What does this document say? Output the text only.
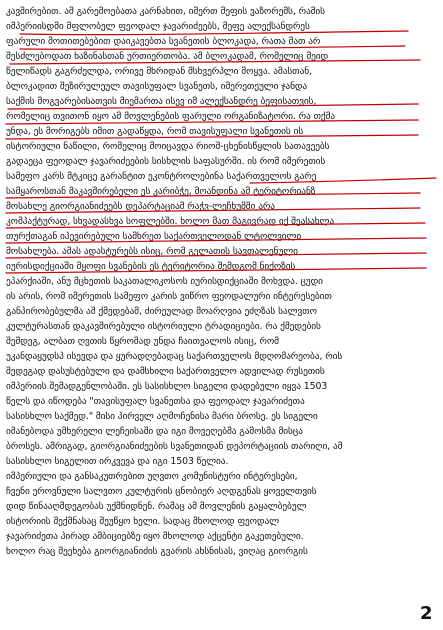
კავშირებით. ამ გარემოებათა კარნახით, იმერთ მეფის ვაზორემს, რამის
იმპერიისდმი მფლობელ ფეოდალ ჯავარიძეებს, მეფე ალექსანდრეს
ფარული მოთითებებით დაიკავებთა სვანეთის ბლოკადა, რათა მათ არ
შესძლებოდათ ხაზინასთან ურთიერთობა. ამ ბლოკადამ, რომელიც მეიდ
წელიწადს გაგრძელდა, ორივე მხრიდან მსხვერპლი მოყვა. ამასთან,
ბლოკადით შეზირულეულ თავისუფალ სვანეთს, იმერეთეული ჯანდა
საქმის მოგვარებისათვის მიემართა ისევ იმ ალექსანდრე ბეფისათვის,
რომელიც თვითონ იყო ამ მოვლენების ფარული ორგანიზატორი. რა თქმა
უნდა, ეს მორიგებს იმით გადაწყდა, რომ თავისუფალი სვანეთის ის
ისტორიული ნაწილი, რომელიც მოიცავდა რიოშ-ცხენისწყლის სათავეებს
გადაეცა ფეოდალ ჯავარიძეების სისხლის საფასურში. ის რომ იმერეთის
სამეფო კარს მტკიცე გარანტით ეკონტროლებინა საქართველოს გარე
სამყაროსთან მაკავშირებელი ეს კარიბჭე, მოანდინა ამ ტერიტორიანზ
მოსახლე გიორგიანიძეებს დეპარტაციამ რაჭვ-ლეჩხუმში არა
კომპაქტურად, სხვადასხვა სოფლებში. ხოლო მათ მაგივრად იქ შეასახლა
თურქთაგან იპევირებული სამხრეთ საქართველოდან ლტოლვილი
მოსახლება. ამას ადასტურებს ისიც, რომ გელათის სავთალენული
იურისდიქციაში მყოფი სვანების ეს ტერიტორია შემდგომ ნიქოზის
ეპარქიაში, ანუ მცხეთის საკათალიკოსოს იურისდიქციაში მოხვდა. ცუდი
ის არის, რომ იმერეთის სამეფო კარის ვიწრო ფეოდალური ინტერესებით
განპირობებულმა ამ ქმედებამ, ძირეულად მოარღვია ეძღზას სალვთო
კულტურასთან დაკავშირებული ისტორიული ტრადიციები. რა ქმედების
შემდეგ, ალბათ ღვთის წყრომად უნდა ჩაითვალოს ისიც, რომ
უკანდაყუდსპ ისევდა და ყურადღებადაც საქართველოს მდღომარეობა, რის
შედეგად დასუსტებული და დამსხილი საქართველო ადვილად რუსეთის
იმპერიის შემადგენლობაში. ეს სასისხლო სიგელი დადებული იყვა 1503
წელს და იწოდება "თავისუფალ სვანეთსა და ფეოდალ ჯავარიძეთა
სასისხლო საქმედ." მისი პირველ აღმოჩენისა მარი ბროსე. ეს სიგელი
იმანებოდა უმხერელი ლეჩეისაში და იგი მოვეღებმა გამოსმა მისცა
ბროსეს. ამრიგად, გიორგიანიძეების სვანეთიდან დეპორტაციის თარიღი, ამ
სასისხლო სიგელით ირკვევა და იგი 1503 წელია.
იმპერიული და განსაკუთრებით უღვთო კომუნისტური ინტერესები,
ჩვენი ეროვნული სალვთო კულტურის ცნობიერ აღდგენას ყოველთვის
დიდ წინააღმდეგობას უქმნიდნენ. რამაც ამ მოვლენის გაყალბებულ
ისტორიის შექმნასაც შეუწყო ხელი. სადაც მხოლოდ ფეოდალ
ჯავარიძეთა პირად ამბიციებზე იყო მხოლოდ აქცენტი გაკეთებული.
ხოლო რაც შეეხება გიორგიანიძის გვარის ახსნისას, ვიღაც გიორგის
2
